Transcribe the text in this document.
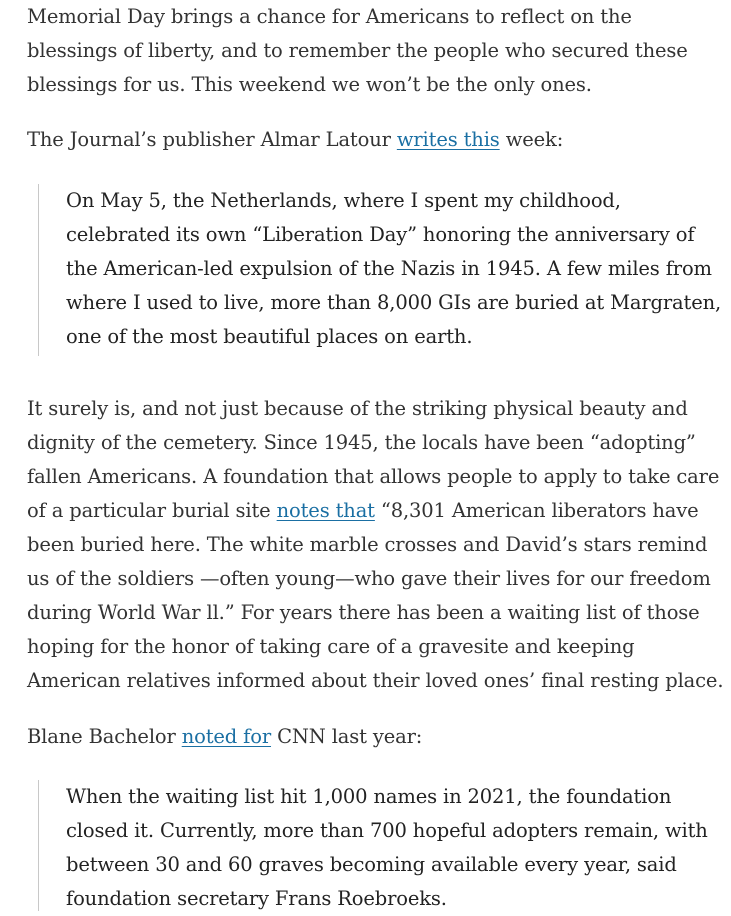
Memorial Day brings a chance for Americans to reflect on the blessings of liberty, and to remember the people who secured these blessings for us. This weekend we won’t be the only ones.

The Journal’s publisher Almar Latour writes this week:

On May 5, the Netherlands, where I spent my childhood, celebrated its own “Liberation Day” honoring the anniversary of the American-led expulsion of the Nazis in 1945. A few miles from where I used to live, more than 8,000 GIs are buried at Margraten, one of the most beautiful places on earth.

It surely is, and not just because of the striking physical beauty and dignity of the cemetery. Since 1945, the locals have been “adopting” fallen Americans. A foundation that allows people to apply to take care of a particular burial site notes that “8,301 American liberators have been buried here. The white marble crosses and David’s stars remind us of the soldiers —often young—who gave their lives for our freedom during World War ll.” For years there has been a waiting list of those hoping for the honor of taking care of a gravesite and keeping American relatives informed about their loved ones’ final resting place.

Blane Bachelor noted for CNN last year:

When the waiting list hit 1,000 names in 2021, the foundation closed it. Currently, more than 700 hopeful adopters remain, with between 30 and 60 graves becoming available every year, said foundation secretary Frans Roebroeks.
